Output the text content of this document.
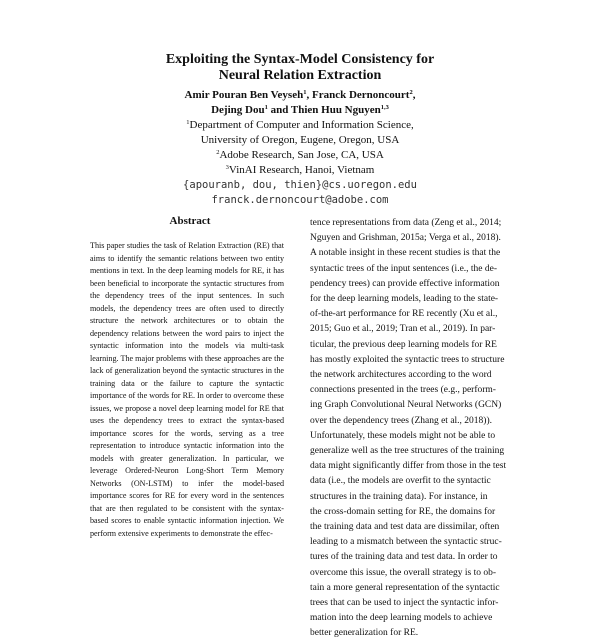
Exploiting the Syntax-Model Consistency for
Neural Relation Extraction
Amir Pouran Ben Veyseh$^1$, Franck Dernoncourt$^2$,
Dejing Dou$^1$ and Thien Huu Nguyen$^{1,3}$
$^1$Department of Computer and Information Science,
University of Oregon, Eugene, Oregon, USA
$^2$Adobe Research, San Jose, CA, USA
$^3$VinAI Research, Hanoi, Vietnam
{apouranb, dou, thien}@cs.uoregon.edu
franck.dernoncourt@adobe.com
Abstract
This paper studies the task of Relation Extraction (RE) that aims to identify the semantic relations between two entity mentions in text. In the deep learning models for RE, it has been beneficial to incorporate the syntactic structures from the dependency trees of the input sentences. In such models, the dependency trees are often used to directly structure the network architectures or to obtain the dependency relations between the word pairs to inject the syntactic information into the models via multi-task learning. The major problems with these approaches are the lack of generalization beyond the syntactic structures in the training data or the failure to capture the syntactic importance of the words for RE. In order to overcome these issues, we propose a novel deep learning model for RE that uses the dependency trees to extract the syntax-based importance scores for the words, serving as a tree representation to introduce syntactic information into the models with greater generalization. In particular, we leverage Ordered-Neuron Long-Short Term Memory Networks (ON-LSTM) to infer the model-based importance scores for RE for every word in the sentences that are then regulated to be consistent with the syntax-based scores to enable syntactic information injection. We perform extensive experiments to demonstrate the effec-
tence representations from data (Zeng et al., 2014;
Nguyen and Grishman, 2015a; Verga et al., 2018).
A notable insight in these recent studies is that the
syntactic trees of the input sentences (i.e., the de-
pendency trees) can provide effective information
for the deep learning models, leading to the state-
of-the-art performance for RE recently (Xu et al.,
2015; Guo et al., 2019; Tran et al., 2019). In par-
ticular, the previous deep learning models for RE
has mostly exploited the syntactic trees to structure
the network architectures according to the word
connections presented in the trees (e.g., perform-
ing Graph Convolutional Neural Networks (GCN)
over the dependency trees (Zhang et al., 2018)).
Unfortunately, these models might not be able to
generalize well as the tree structures of the training
data might significantly differ from those in the test
data (i.e., the models are overfit to the syntactic
structures in the training data). For instance, in
the cross-domain setting for RE, the domains for
the training data and test data are dissimilar, often
leading to a mismatch between the syntactic struc-
tures of the training data and test data. In order to
overcome this issue, the overall strategy is to ob-
tain a more general representation of the syntactic
trees that can be used to inject the syntactic infor-
mation into the deep learning models to achieve
better generalization for RE.
